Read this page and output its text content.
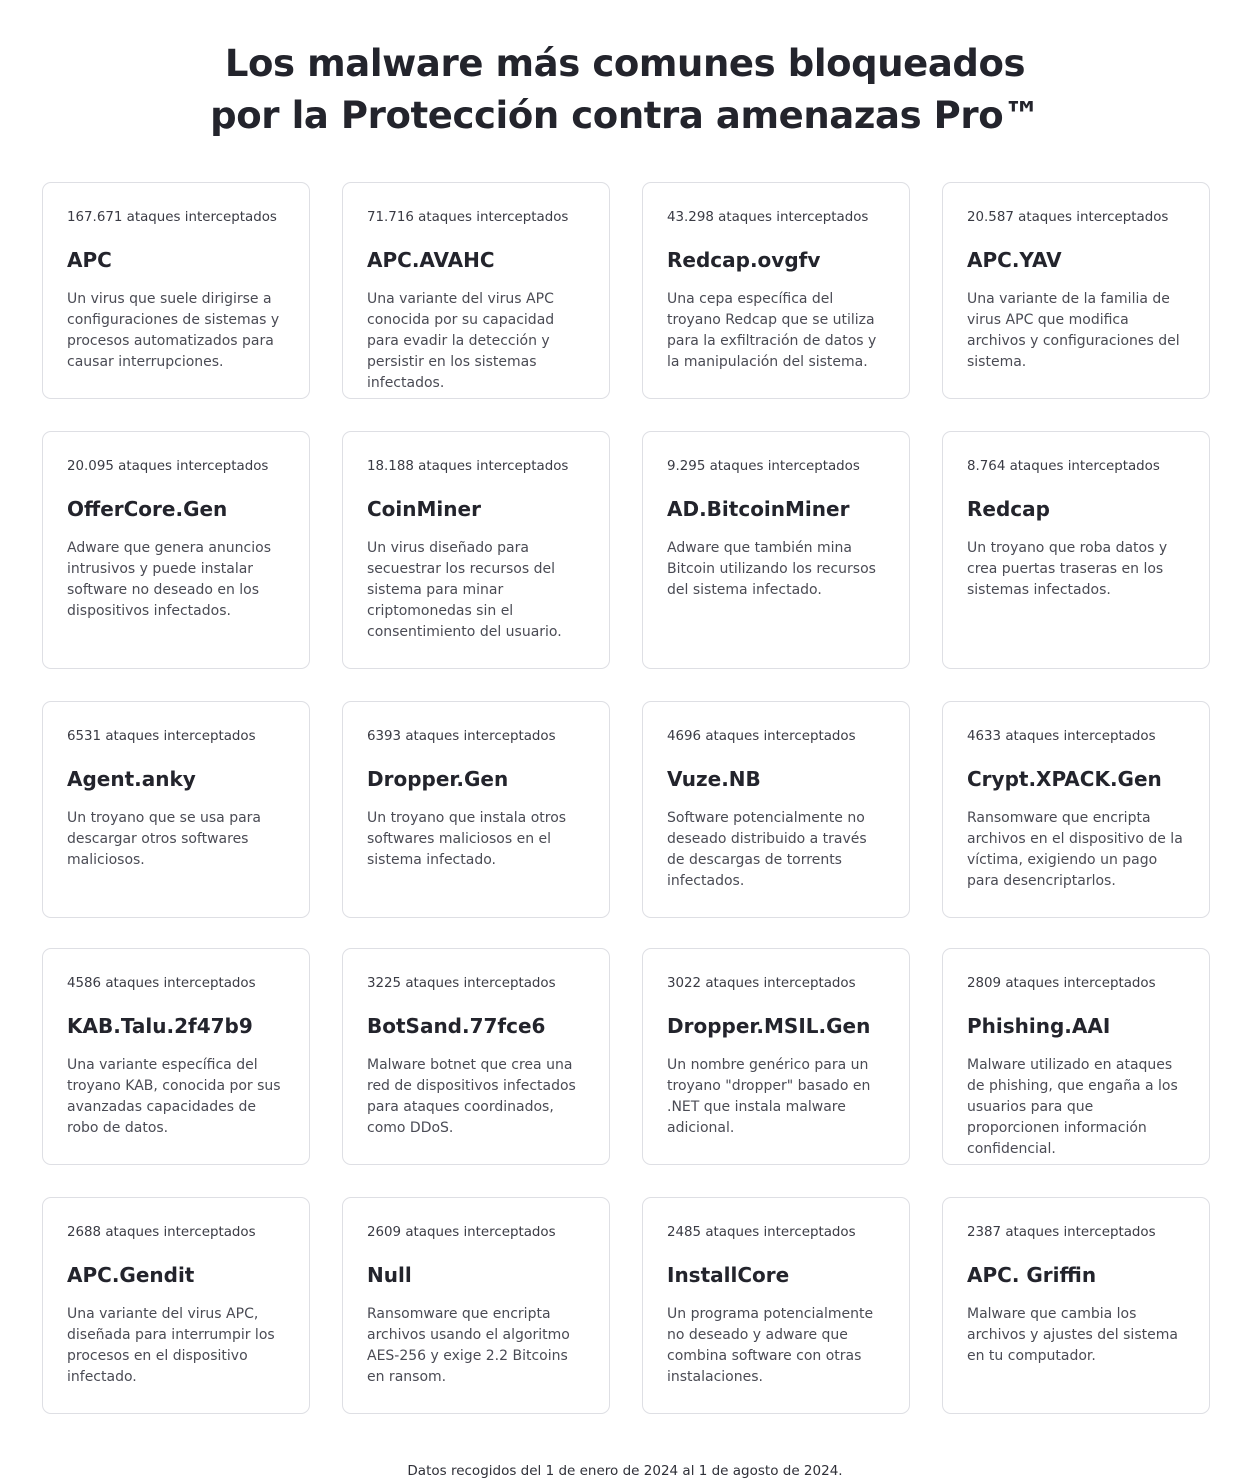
Los malware más comunes bloqueados
por la Protección contra amenazas Pro™

167.671 ataques interceptados

APC

Un virus que suele dirigirse a configuraciones de sistemas y procesos automatizados para causar interrupciones.

71.716 ataques interceptados

APC.AVAHC

Una variante del virus APC conocida por su capacidad para evadir la detección y persistir en los sistemas infectados.

43.298 ataques interceptados

Redcap.ovgfv

Una cepa específica del troyano Redcap que se utiliza para la exfiltración de datos y la manipulación del sistema.

20.587 ataques interceptados

APC.YAV

Una variante de la familia de virus APC que modifica archivos y configuraciones del sistema.

20.095 ataques interceptados

OfferCore.Gen

Adware que genera anuncios intrusivos y puede instalar software no deseado en los dispositivos infectados.

18.188 ataques interceptados

CoinMiner

Un virus diseñado para secuestrar los recursos del sistema para minar criptomonedas sin el consentimiento del usuario.

9.295 ataques interceptados

AD.BitcoinMiner

Adware que también mina Bitcoin utilizando los recursos del sistema infectado.

8.764 ataques interceptados

Redcap

Un troyano que roba datos y crea puertas traseras en los sistemas infectados.

6531 ataques interceptados

Agent.anky

Un troyano que se usa para descargar otros softwares maliciosos.

6393 ataques interceptados

Dropper.Gen

Un troyano que instala otros softwares maliciosos en el sistema infectado.

4696 ataques interceptados

Vuze.NB

Software potencialmente no deseado distribuido a través de descargas de torrents infectados.

4633 ataques interceptados

Crypt.XPACK.Gen

Ransomware que encripta archivos en el dispositivo de la víctima, exigiendo un pago para desencriptarlos.

4586 ataques interceptados

KAB.Talu.2f47b9

Una variante específica del troyano KAB, conocida por sus avanzadas capacidades de robo de datos.

3225 ataques interceptados

BotSand.77fce6

Malware botnet que crea una red de dispositivos infectados para ataques coordinados, como DDoS.

3022 ataques interceptados

Dropper.MSIL.Gen

Un nombre genérico para un troyano "dropper" basado en .NET que instala malware adicional.

2809 ataques interceptados

Phishing.AAI

Malware utilizado en ataques de phishing, que engaña a los usuarios para que proporcionen información confidencial.

2688 ataques interceptados

APC.Gendit

Una variante del virus APC, diseñada para interrumpir los procesos en el dispositivo infectado.

2609 ataques interceptados

Null

Ransomware que encripta archivos usando el algoritmo AES-256 y exige 2.2 Bitcoins en ransom.

2485 ataques interceptados

InstallCore

Un programa potencialmente no deseado y adware que combina software con otras instalaciones.

2387 ataques interceptados

APC. Griffin

Malware que cambia los archivos y ajustes del sistema en tu computador.

Datos recogidos del 1 de enero de 2024 al 1 de agosto de 2024.
